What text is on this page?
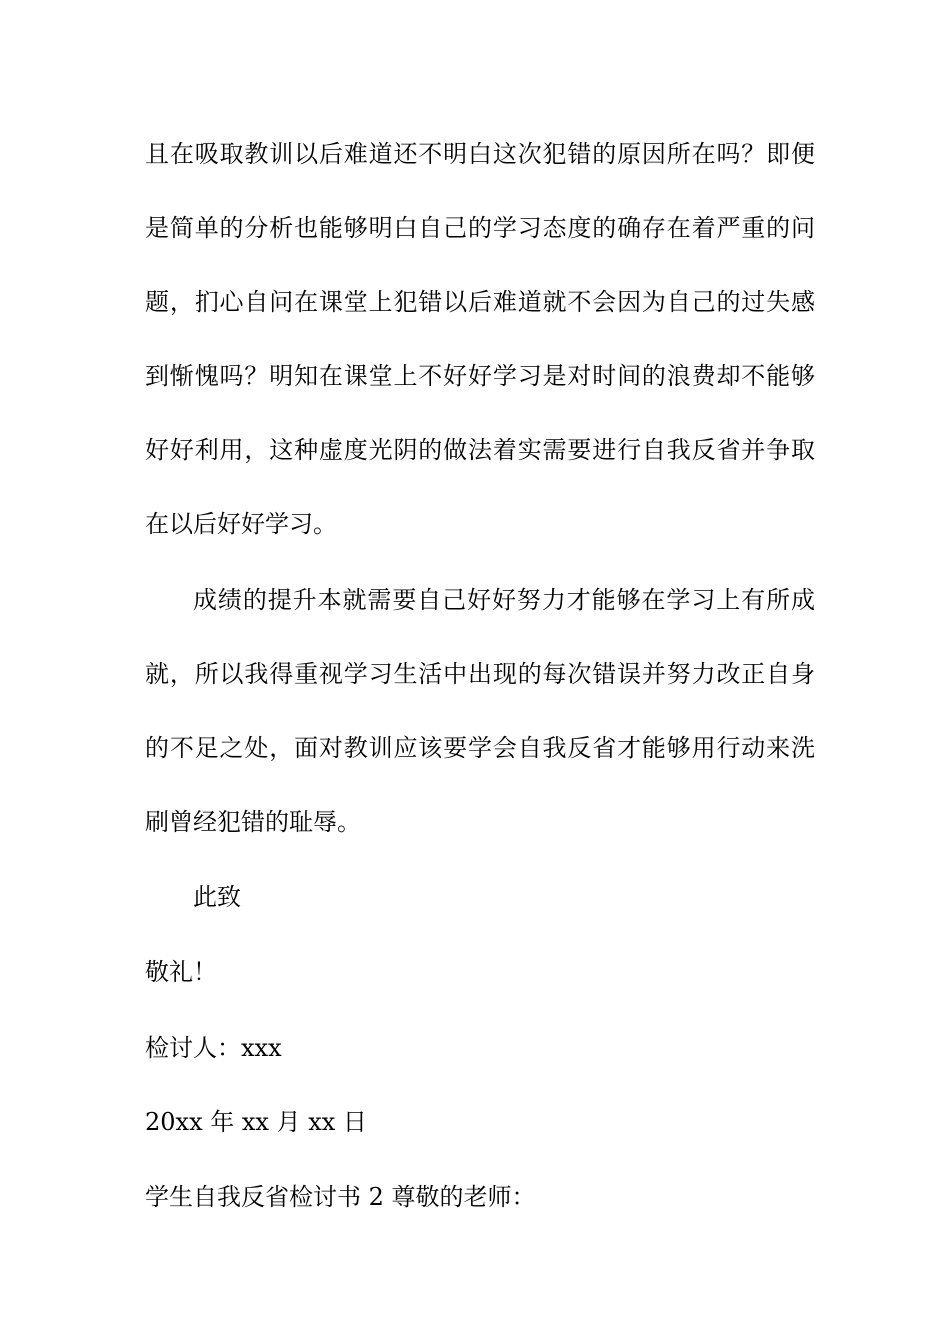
且在吸取教训以后难道还不明白这次犯错的原因所在吗？即便
是简单的分析也能够明白自己的学习态度的确存在着严重的问
题，扪心自问在课堂上犯错以后难道就不会因为自己的过失感
到惭愧吗？明知在课堂上不好好学习是对时间的浪费却不能够
好好利用，这种虚度光阴的做法着实需要进行自我反省并争取
在以后好好学习。
成绩的提升本就需要自己好好努力才能够在学习上有所成
就，所以我得重视学习生活中出现的每次错误并努力改正自身
的不足之处，面对教训应该要学会自我反省才能够用行动来洗
刷曾经犯错的耻辱。
此致
敬礼！
检讨人：xxx
20xx 年 xx 月 xx 日
学生自我反省检讨书 2 尊敬的老师：
